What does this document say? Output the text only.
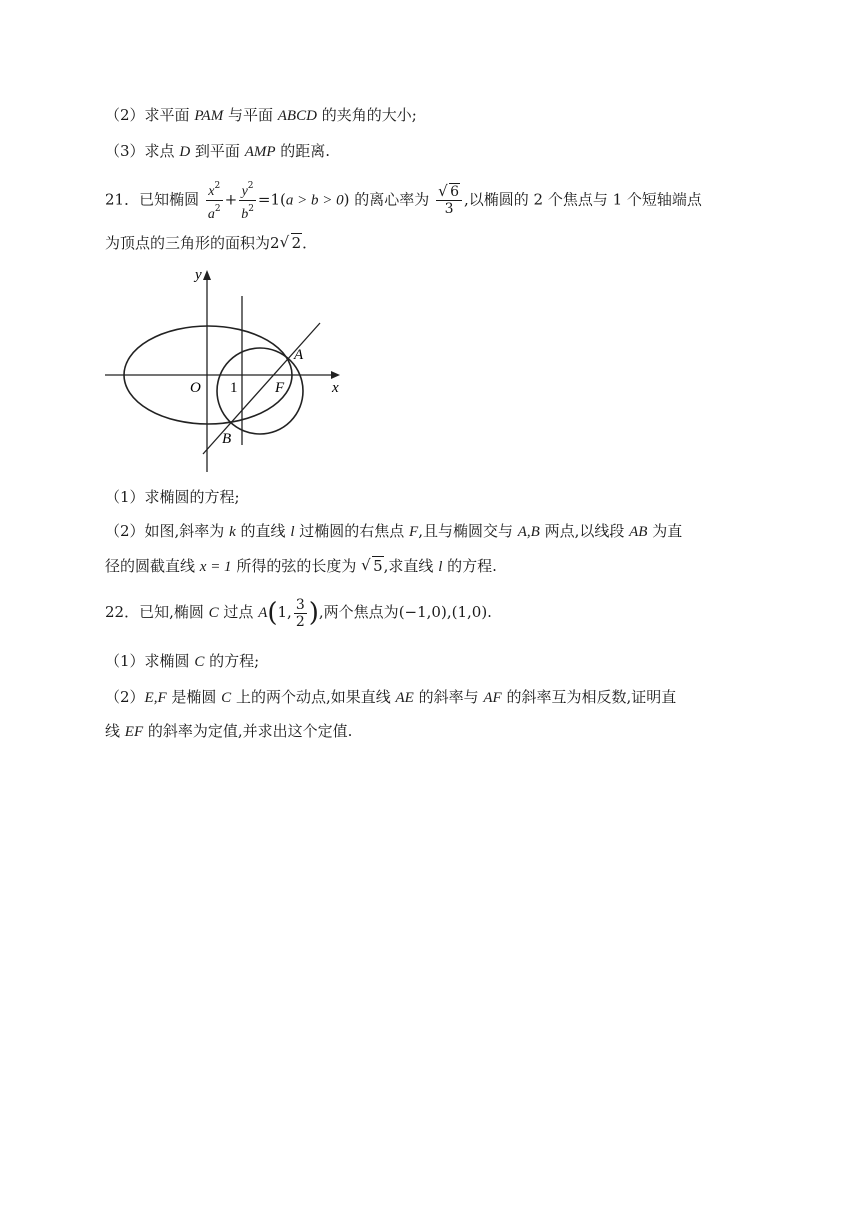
（2）求平面 PAM 与平面 ABCD 的夹角的大小;
（3）求点 D 到平面 AMP 的距离.
21．已知椭圆 $\frac{x^2}{a^2} + \frac{y^2}{b^2} =1(a > b > 0)$ 的离心率为 $\frac{√ 6}{3}$ ,以椭圆的 2 个焦点与 1 个短轴端点
为顶点的三角形的面积为2 √ 2．
y
x
O 1	F
A
B
（1）求椭圆的方程;
（2）如图,斜率为 k 的直线 l 过椭圆的右焦点 F,且与椭圆交与 A,B 两点,以线段 AB 为直
径的圆截直线 x = 1 所得的弦的长度为 √ 5,求直线 l 的方程.
22．已知,椭圆 C 过点 A(1, $\frac{3}{2}$ ),两个焦点为(−1,0),(1,0).
（1）求椭圆 C 的方程;
（2）E,F 是椭圆 C 上的两个动点,如果直线 AE 的斜率与 AF 的斜率互为相反数,证明直
线 EF 的斜率为定值,并求出这个定值.
